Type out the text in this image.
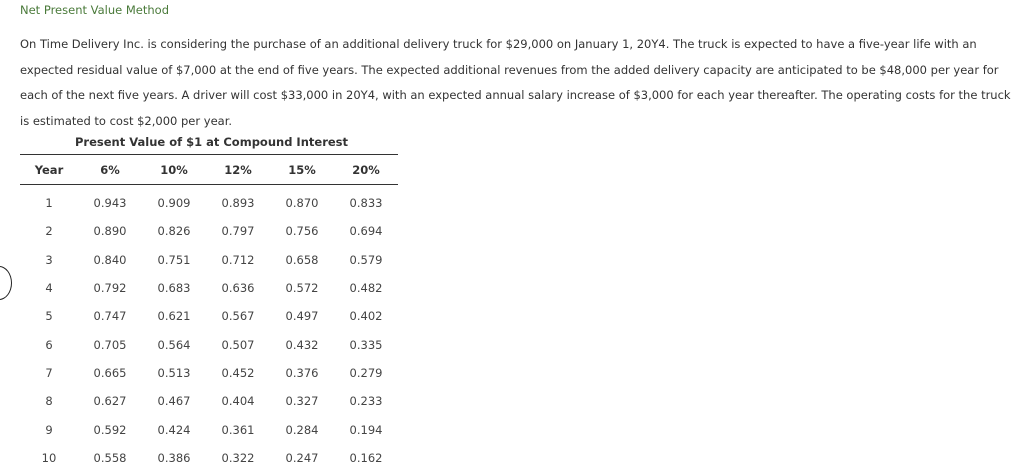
Net Present Value Method

On Time Delivery Inc. is considering the purchase of an additional delivery truck for $29,000 on January 1, 20Y4. The truck is expected to have a five-year life with an expected residual value of $7,000 at the end of five years. The expected additional revenues from the added delivery capacity are anticipated to be $48,000 per year for each of the next five years. A driver will cost $33,000 in 20Y4, with an expected annual salary increase of $3,000 for each year thereafter. The operating costs for the truck is estimated to cost $2,000 per year.

Present Value of $1 at Compound Interest
Year	6%	10%	12%	15%	20%
1	0.943	0.909	0.893	0.870	0.833
2	0.890	0.826	0.797	0.756	0.694
3	0.840	0.751	0.712	0.658	0.579
4	0.792	0.683	0.636	0.572	0.482
5	0.747	0.621	0.567	0.497	0.402
6	0.705	0.564	0.507	0.432	0.335
7	0.665	0.513	0.452	0.376	0.279
8	0.627	0.467	0.404	0.327	0.233
9	0.592	0.424	0.361	0.284	0.194
10	0.558	0.386	0.322	0.247	0.162
